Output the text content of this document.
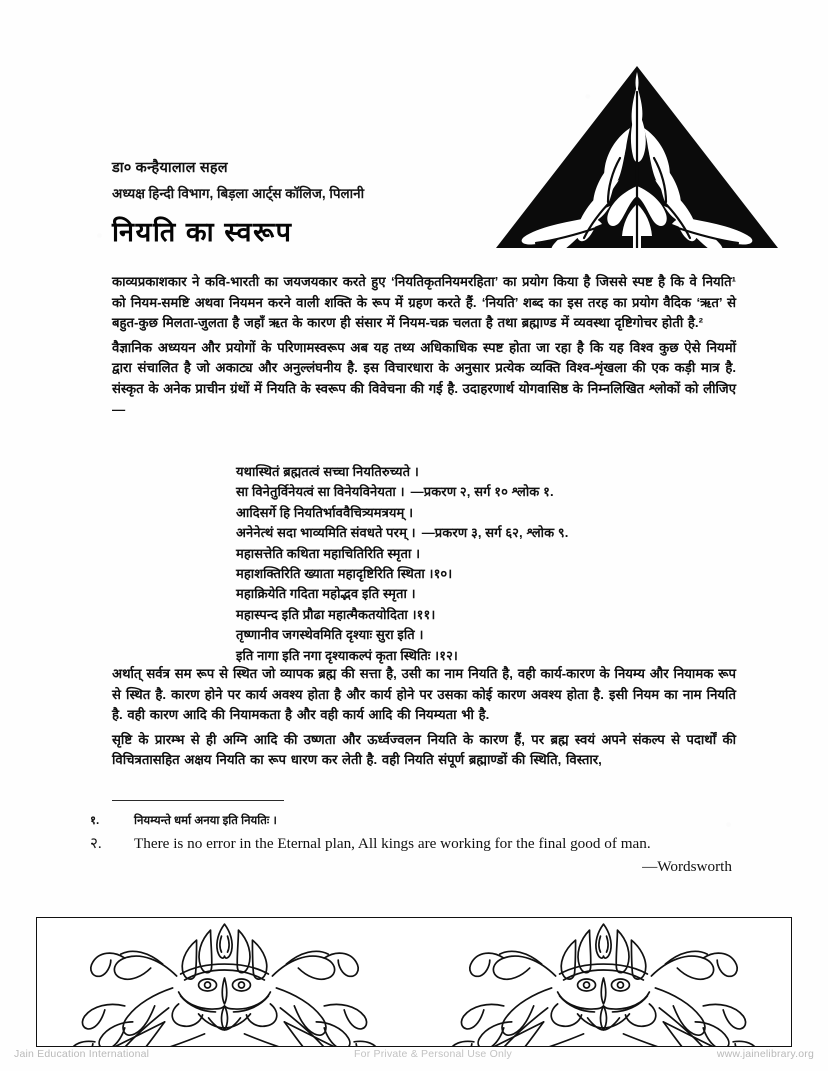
डा० कन्हैयालाल सहल

अध्यक्ष हिन्दी विभाग, बिड़ला आर्ट्स कॉलिज, पिलानी

नियति का स्वरूप

काव्यप्रकाशकार ने कवि-भारती का जयजयकार करते हुए ‘नियतिकृतनियमरहिता’ का प्रयोग किया है जिससे स्पष्ट है कि वे नियति¹ को नियम-समष्टि अथवा नियमन करने वाली शक्ति के रूप में ग्रहण करते हैं. ‘नियति’ शब्द का इस तरह का प्रयोग वैदिक ‘ऋत’ से बहुत-कुछ मिलता-जुलता है जहाँ ऋत के कारण ही संसार में नियम-चक्र चलता है तथा ब्रह्माण्ड में व्यवस्था दृष्टिगोचर होती है.²

वैज्ञानिक अध्ययन और प्रयोगों के परिणामस्वरूप अब यह तथ्य अधिकाधिक स्पष्ट होता जा रहा है कि यह विश्व कुछ ऐसे नियमों द्वारा संचालित है जो अकाट्य और अनुल्लंघनीय है. इस विचारधारा के अनुसार प्रत्येक व्यक्ति विश्व-शृंखला की एक कड़ी मात्र है. संस्कृत के अनेक प्राचीन ग्रंथों में नियति के स्वरूप की विवेचना की गई है. उदाहरणार्थ योगवासिष्ठ के निम्नलिखित श्लोकों को लीजिए—

यथास्थितं ब्रह्मतत्वं सच्चा नियतिरुच्यते ।
सा विनेतुर्विनेयत्वं सा विनेयविनेयता । —प्रकरण २, सर्ग १० श्लोक १.
आदिसर्गे हि नियतिर्भाववैचित्र्यमत्रयम् ।
अनेनेत्थं सदा भाव्यमिति संवधते परम् । —प्रकरण ३, सर्ग ६२, श्लोक ९.
महासत्तेति कथिता महाचितिरिति स्मृता ।
महाशक्तिरिति ख्याता महादृष्टिरिति स्थिता ।१०।
महाक्रियेति गदिता महोद्भव इति स्मृता ।
महास्पन्द इति प्रौढा महात्मैकतयोदिता ।११।
तृष्णानीव जगस्थेवमिति दृश्याः सुरा इति ।
इति नागा इति नगा दृश्याकल्पं कृता स्थितिः ।१२।

अर्थात् सर्वत्र सम रूप से स्थित जो व्यापक ब्रह्म की सत्ता है, उसी का नाम नियति है, वही कार्य-कारण के नियम्य और नियामक रूप से स्थित है. कारण होने पर कार्य अवश्य होता है और कार्य होने पर उसका कोई कारण अवश्य होता है. इसी नियम का नाम नियति है. वही कारण आदि की नियामकता है और वही कार्य आदि की नियम्यता भी है.

सृष्टि के प्रारम्भ से ही अग्नि आदि की उष्णता और ऊर्ध्वज्वलन नियति के कारण हैं, पर ब्रह्म स्वयं अपने संकल्प से पदार्थों की विचित्रतासहित अक्षय नियति का रूप धारण कर लेती है. वही नियति संपूर्ण ब्रह्माण्डों की स्थिति, विस्तार,

१.	नियम्यन्ते धर्मा अनया इति नियतिः ।
२. There is no error in the Eternal plan, All kings are working for the final good of man.
—Wordsworth
Jain Education International	For Private & Personal Use Only	www.jainelibrary.org
